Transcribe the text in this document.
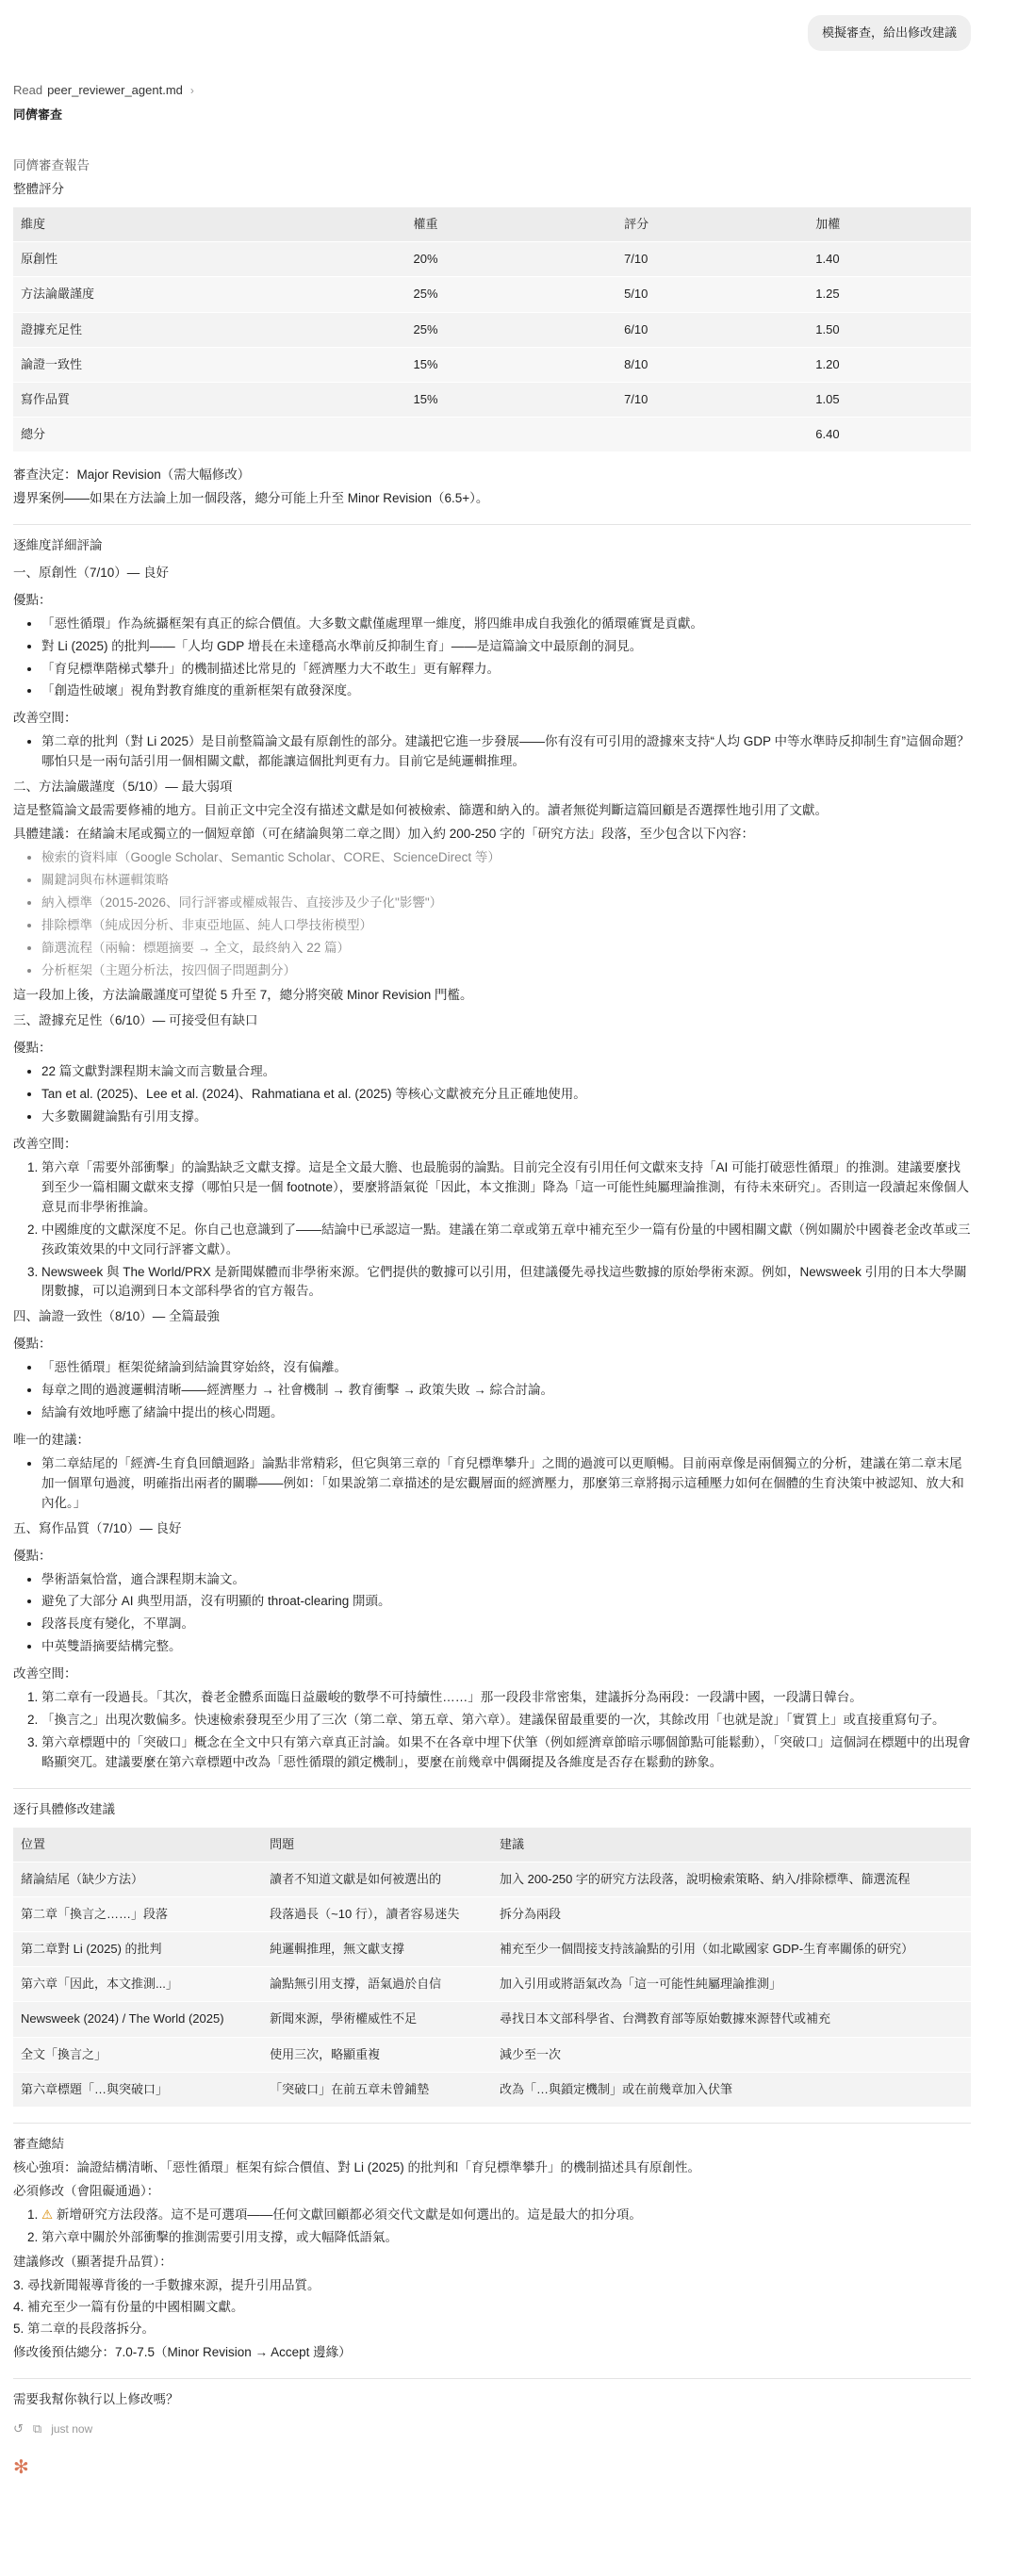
模擬審查，給出修改建議
Read peer_reviewer_agent.md ›
同儕審查
同儕審查報告
整體評分
維度	權重	評分	加權
原創性	20%	7/10	1.40
方法論嚴謹度	25%	5/10	1.25
證據充足性	25%	6/10	1.50
論證一致性	15%	8/10	1.20
寫作品質	15%	7/10	1.05
總分			6.40

審查決定：Major Revision（需大幅修改）

邊界案例——如果在方法論上加一個段落，總分可能上升至 Minor Revision（6.5+）。

逐維度詳細評論
一、原創性（7/10）— 良好
優點：
• 「惡性循環」作為統攝框架有真正的綜合價值。大多數文獻僅處理單一維度，將四維串成自我強化的循環確實是貢獻。
• 對 Li (2025) 的批判——「人均 GDP 增長在未達穩高水準前反抑制生育」——是這篇論文中最原創的洞見。
• 「育兒標準階梯式攀升」的機制描述比常見的「經濟壓力大不敢生」更有解釋力。
• 「創造性破壞」視角對教育維度的重新框架有啟發深度。
改善空間：
• 第二章的批判（對 Li 2025）是目前整篇論文最有原創性的部分。建議把它進一步發展——你有沒有可引用的證據來支持“人均 GDP 中等水準時反抑制生育”這個命題？哪怕只是一兩句話引用一個相關文獻，都能讓這個批判更有力。目前它是純邏輯推理。
二、方法論嚴謹度（5/10）— 最大弱項

這是整篇論文最需要修補的地方。目前正文中完全沒有描述文獻是如何被檢索、篩選和納入的。讀者無從判斷這篇回顧是否選擇性地引用了文獻。

具體建議：在緒論末尾或獨立的一個短章節（可在緒論與第二章之間）加入約 200-250 字的「研究方法」段落，至少包含以下內容：

• 檢索的資料庫（Google Scholar、Semantic Scholar、CORE、ScienceDirect 等）
• 關鍵詞與布林邏輯策略
• 納入標準（2015-2026、同行評審或權威報告、直接涉及少子化"影響"）
• 排除標準（純成因分析、非東亞地區、純人口學技術模型）
• 篩選流程（兩輪：標題摘要 → 全文，最終納入 22 篇）
• 分析框架（主題分析法，按四個子問題劃分）

這一段加上後，方法論嚴謹度可望從 5 升至 7，總分將突破 Minor Revision 門檻。

三、證據充足性（6/10）— 可接受但有缺口
優點：
• 22 篇文獻對課程期末論文而言數量合理。
• Tan et al. (2025)、Lee et al. (2024)、Rahmatiana et al. (2025) 等核心文獻被充分且正確地使用。
• 大多數關鍵論點有引用支撐。
改善空間：
1. 第六章「需要外部衝擊」的論點缺乏文獻支撐。這是全文最大膽、也最脆弱的論點。目前完全沒有引用任何文獻來支持「AI 可能打破惡性循環」的推測。建議要麼找到至少一篇相關文獻來支撐（哪怕只是一個 footnote），要麼將語氣從「因此，本文推測」降為「這一可能性純屬理論推測，有待未來研究」。否則這一段讀起來像個人意見而非學術推論。
2. 中國維度的文獻深度不足。你自己也意識到了——結論中已承認這一點。建議在第二章或第五章中補充至少一篇有份量的中國相關文獻（例如關於中國養老金改革或三孩政策效果的中文同行評審文獻）。
3. Newsweek 與 The World/PRX 是新聞媒體而非學術來源。它們提供的數據可以引用，但建議優先尋找這些數據的原始學術來源。例如，Newsweek 引用的日本大學關閉數據，可以追溯到日本文部科學省的官方報告。
四、論證一致性（8/10）— 全篇最強
優點：
• 「惡性循環」框架從緒論到結論貫穿始終，沒有偏離。
• 每章之間的過渡邏輯清晰——經濟壓力 → 社會機制 → 教育衝擊 → 政策失敗 → 綜合討論。
• 結論有效地呼應了緒論中提出的核心問題。
唯一的建議：
• 第二章結尾的「經濟-生育負回饋迴路」論點非常精彩，但它與第三章的「育兒標準攀升」之間的過渡可以更順暢。目前兩章像是兩個獨立的分析，建議在第二章末尾加一個單句過渡，明確指出兩者的關聯——例如：「如果說第二章描述的是宏觀層面的經濟壓力，那麼第三章將揭示這種壓力如何在個體的生育決策中被認知、放大和內化。」
五、寫作品質（7/10）— 良好
優點：
• 學術語氣恰當，適合課程期末論文。
• 避免了大部分 AI 典型用語，沒有明顯的 throat-clearing 開頭。
• 段落長度有變化，不單調。
• 中英雙語摘要結構完整。
改善空間：
1. 第二章有一段過長。「其次，養老金體系面臨日益嚴峻的數學不可持續性……」那一段段非常密集，建議拆分為兩段：一段講中國，一段講日韓台。
2. 「換言之」出現次數偏多。快速檢索發現至少用了三次（第二章、第五章、第六章）。建議保留最重要的一次，其餘改用「也就是說」「實質上」或直接重寫句子。
3. 第六章標題中的「突破口」概念在全文中只有第六章真正討論。如果不在各章中埋下伏筆（例如經濟章節暗示哪個節點可能鬆動），「突破口」這個詞在標題中的出現會略顯突兀。建議要麼在第六章標題中改為「惡性循環的鎖定機制」，要麼在前幾章中偶爾提及各維度是否存在鬆動的跡象。
逐行具體修改建議
位置	問題	建議
緒論結尾（缺少方法）	讀者不知道文獻是如何被選出的	加入 200-250 字的研究方法段落，說明檢索策略、納入/排除標準、篩選流程
第二章「換言之……」段落	段落過長（~10 行），讀者容易迷失	拆分為兩段
第二章對 Li (2025) 的批判	純邏輯推理，無文獻支撐	補充至少一個間接支持該論點的引用（如北歐國家 GDP-生育率關係的研究）
第六章「因此，本文推測...」	論點無引用支撐，語氣過於自信	加入引用或將語氣改為「這一可能性純屬理論推測」
Newsweek (2024) / The World (2025)	新聞來源，學術權威性不足	尋找日本文部科學省、台灣教育部等原始數據來源替代或補充
全文「換言之」	使用三次，略顯重複	減少至一次
第六章標題「…與突破口」	「突破口」在前五章未曾鋪墊	改為「…與鎖定機制」或在前幾章加入伏筆
審查總結

核心強項：論證結構清晰、「惡性循環」框架有綜合價值、對 Li (2025) 的批判和「育兒標準攀升」的機制描述具有原創性。

必須修改（會阻礙通過）：

1. ⚠ 新增研究方法段落。這不是可選項——任何文獻回顧都必須交代文獻是如何選出的。這是最大的扣分項。
2. 第六章中關於外部衝擊的推測需要引用支撐，或大幅降低語氣。

建議修改（顯著提升品質）：

3. 尋找新聞報導背後的一手數據來源，提升引用品質。
4. 補充至少一篇有份量的中國相關文獻。
5. 第二章的長段落拆分。

修改後預估總分：7.0-7.5（Minor Revision → Accept 邊緣）

需要我幫你執行以上修改嗎？

↺ ⧉ just now
✻
